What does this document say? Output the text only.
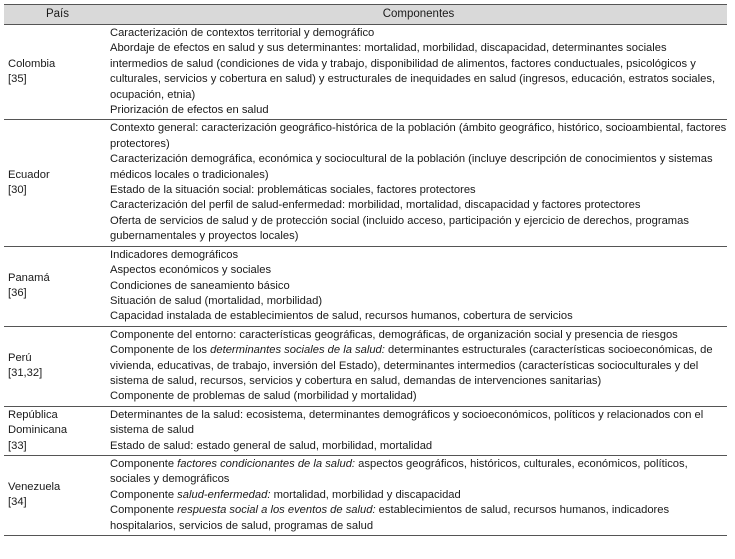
País	Componentes
Colombia
[35]
Caracterización de contextos territorial y demográfico
Abordaje de efectos en salud y sus determinantes: mortalidad, morbilidad, discapacidad, determinantes sociales intermedios de salud (condiciones de vida y trabajo, disponibilidad de alimentos, factores conductuales, psicológicos y culturales, servicios y cobertura en salud) y estructurales de inequidades en salud (ingresos, educación, estratos sociales, ocupación, etnia)
Priorización de efectos en salud
Ecuador
[30]
Contexto general: caracterización geográfico-histórica de la población (ámbito geográfico, histórico, socioambiental, factores protectores)
Caracterización demográfica, económica y sociocultural de la población (incluye descripción de conocimientos y sistemas médicos locales o tradicionales)
Estado de la situación social: problemáticas sociales, factores protectores
Caracterización del perfil de salud-enfermedad: morbilidad, mortalidad, discapacidad y factores protectores
Oferta de servicios de salud y de protección social (incluido acceso, participación y ejercicio de derechos, programas gubernamentales y proyectos locales)
Panamá
[36]
Indicadores demográficos
Aspectos económicos y sociales
Condiciones de saneamiento básico
Situación de salud (mortalidad, morbilidad)
Capacidad instalada de establecimientos de salud, recursos humanos, cobertura de servicios
Perú
[31,32]
Componente del entorno: características geográficas, demográficas, de organización social y presencia de riesgos
Componente de los determinantes sociales de la salud: determinantes estructurales (características socioeconómicas, de vivienda, educativas, de trabajo, inversión del Estado), determinantes intermedios (características socioculturales y del sistema de salud, recursos, servicios y cobertura en salud, demandas de intervenciones sanitarias)
Componente de problemas de salud (morbilidad y mortalidad)
República
Dominicana
[33]
Determinantes de la salud: ecosistema, determinantes demográficos y socioeconómicos, políticos y relacionados con el sistema de salud
Estado de salud: estado general de salud, morbilidad, mortalidad
Venezuela
[34]
Componente factores condicionantes de la salud: aspectos geográficos, históricos, culturales, económicos, políticos, sociales y demográficos
Componente salud-enfermedad: mortalidad, morbilidad y discapacidad
Componente respuesta social a los eventos de salud: establecimientos de salud, recursos humanos, indicadores hospitalarios, servicios de salud, programas de salud
